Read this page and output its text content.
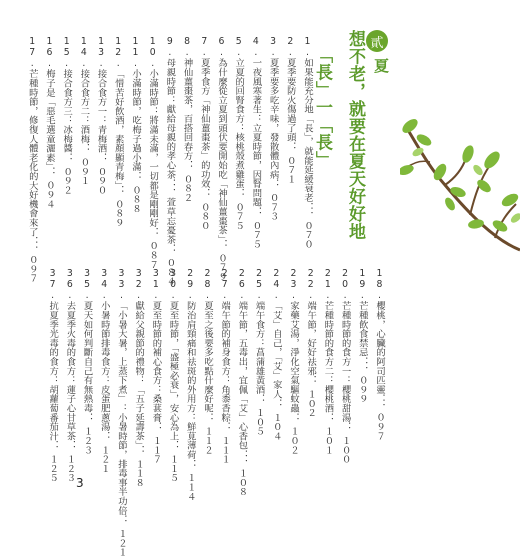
貳
夏
想不老，就要在夏天好好地
「長」一「長」
1.如果能充分地「長」，就能延緩衰老．．．０７０
2.夏季要防火傷過了頭．．０７１
3.夏季要多吃辛味，發散體內病．．０７３
4.一夜風寒著生：立夏時節，因腎問題．．０７５
5.立夏的回腎食方：核桃殼煮雞蛋．．０７５
6.為什麼從立夏到頭伏要開始吃「神仙薑棗茶」．．０７９
7.夏季食方「神仙薑棗茶」的功效．．０８０
8.神仙薑棗茶，百搭回春方．．０８２
9.母親時節：獻給母親的孝心茶．．．萱草忘憂茶．．０８４
10.小滿時節：將滿未滿，一切都是剛剛好．．０８７
11.小滿時節，吃梅子過小滿．．０８８
12.「惜苦好飲酒，素顏顯青梅」．．０８９
13.接合食方一：青梅酒．．０９０
14.接合食方二：酒梅．．０９１
15.接合食方三：冰梅醬．．０９２
16.梅子是「惡毛選童灑素」．．０９４
17.芒種時節，修復人體老化的大好機會來了．．．０９７
18.櫻桃，心臟的阿司匹靈．．．０９７
19.芒種飲食禁忌．．．０９９
20.芒種時節的食方一：櫻桃甜湯．．１００
21.芒種時節的食方二：櫻桃酒．．１０１
22.端午節，好好祛邪．．１０２
23.家藥艾湯，淨化空氣驅蚊蟲．．１０２
24.「艾」自己，「艾」家人．．１０４
25.端午食方：菖蒲雄黃酒．．１０５
26.端午節，五毒出，宜佩「艾」心香包．．．１０８
27.端午節的補身食方：角黍香粽．．１１１
28.夏至之後要多吃點什麼好呢．．１１２
29.防治肩頸痛和祛斑的外用方：鮮莧薄荷．．１１４
30.夏至時節，「盛極必衰」，安心為上．．１１５
31.夏至時節的補心食方：桑葚膏．．１１７
32.獻給父親節的禮物：「五子延壽茶」．．１１８
33.「小暑大暑，上蒸下煮」：小暑時節，排毒事半功倍．．１２１
34.小暑時節排毒食方：皮蛋肥蔥湯．．１２１
35.夏天如何判斷自己有無熱毒．．１２３
36.去夏季火毒的食方：蓮子心甘草茶．．１２３
37.抗夏季光毒的食方：胡蘿蔔番茄汁．．１２５
3
